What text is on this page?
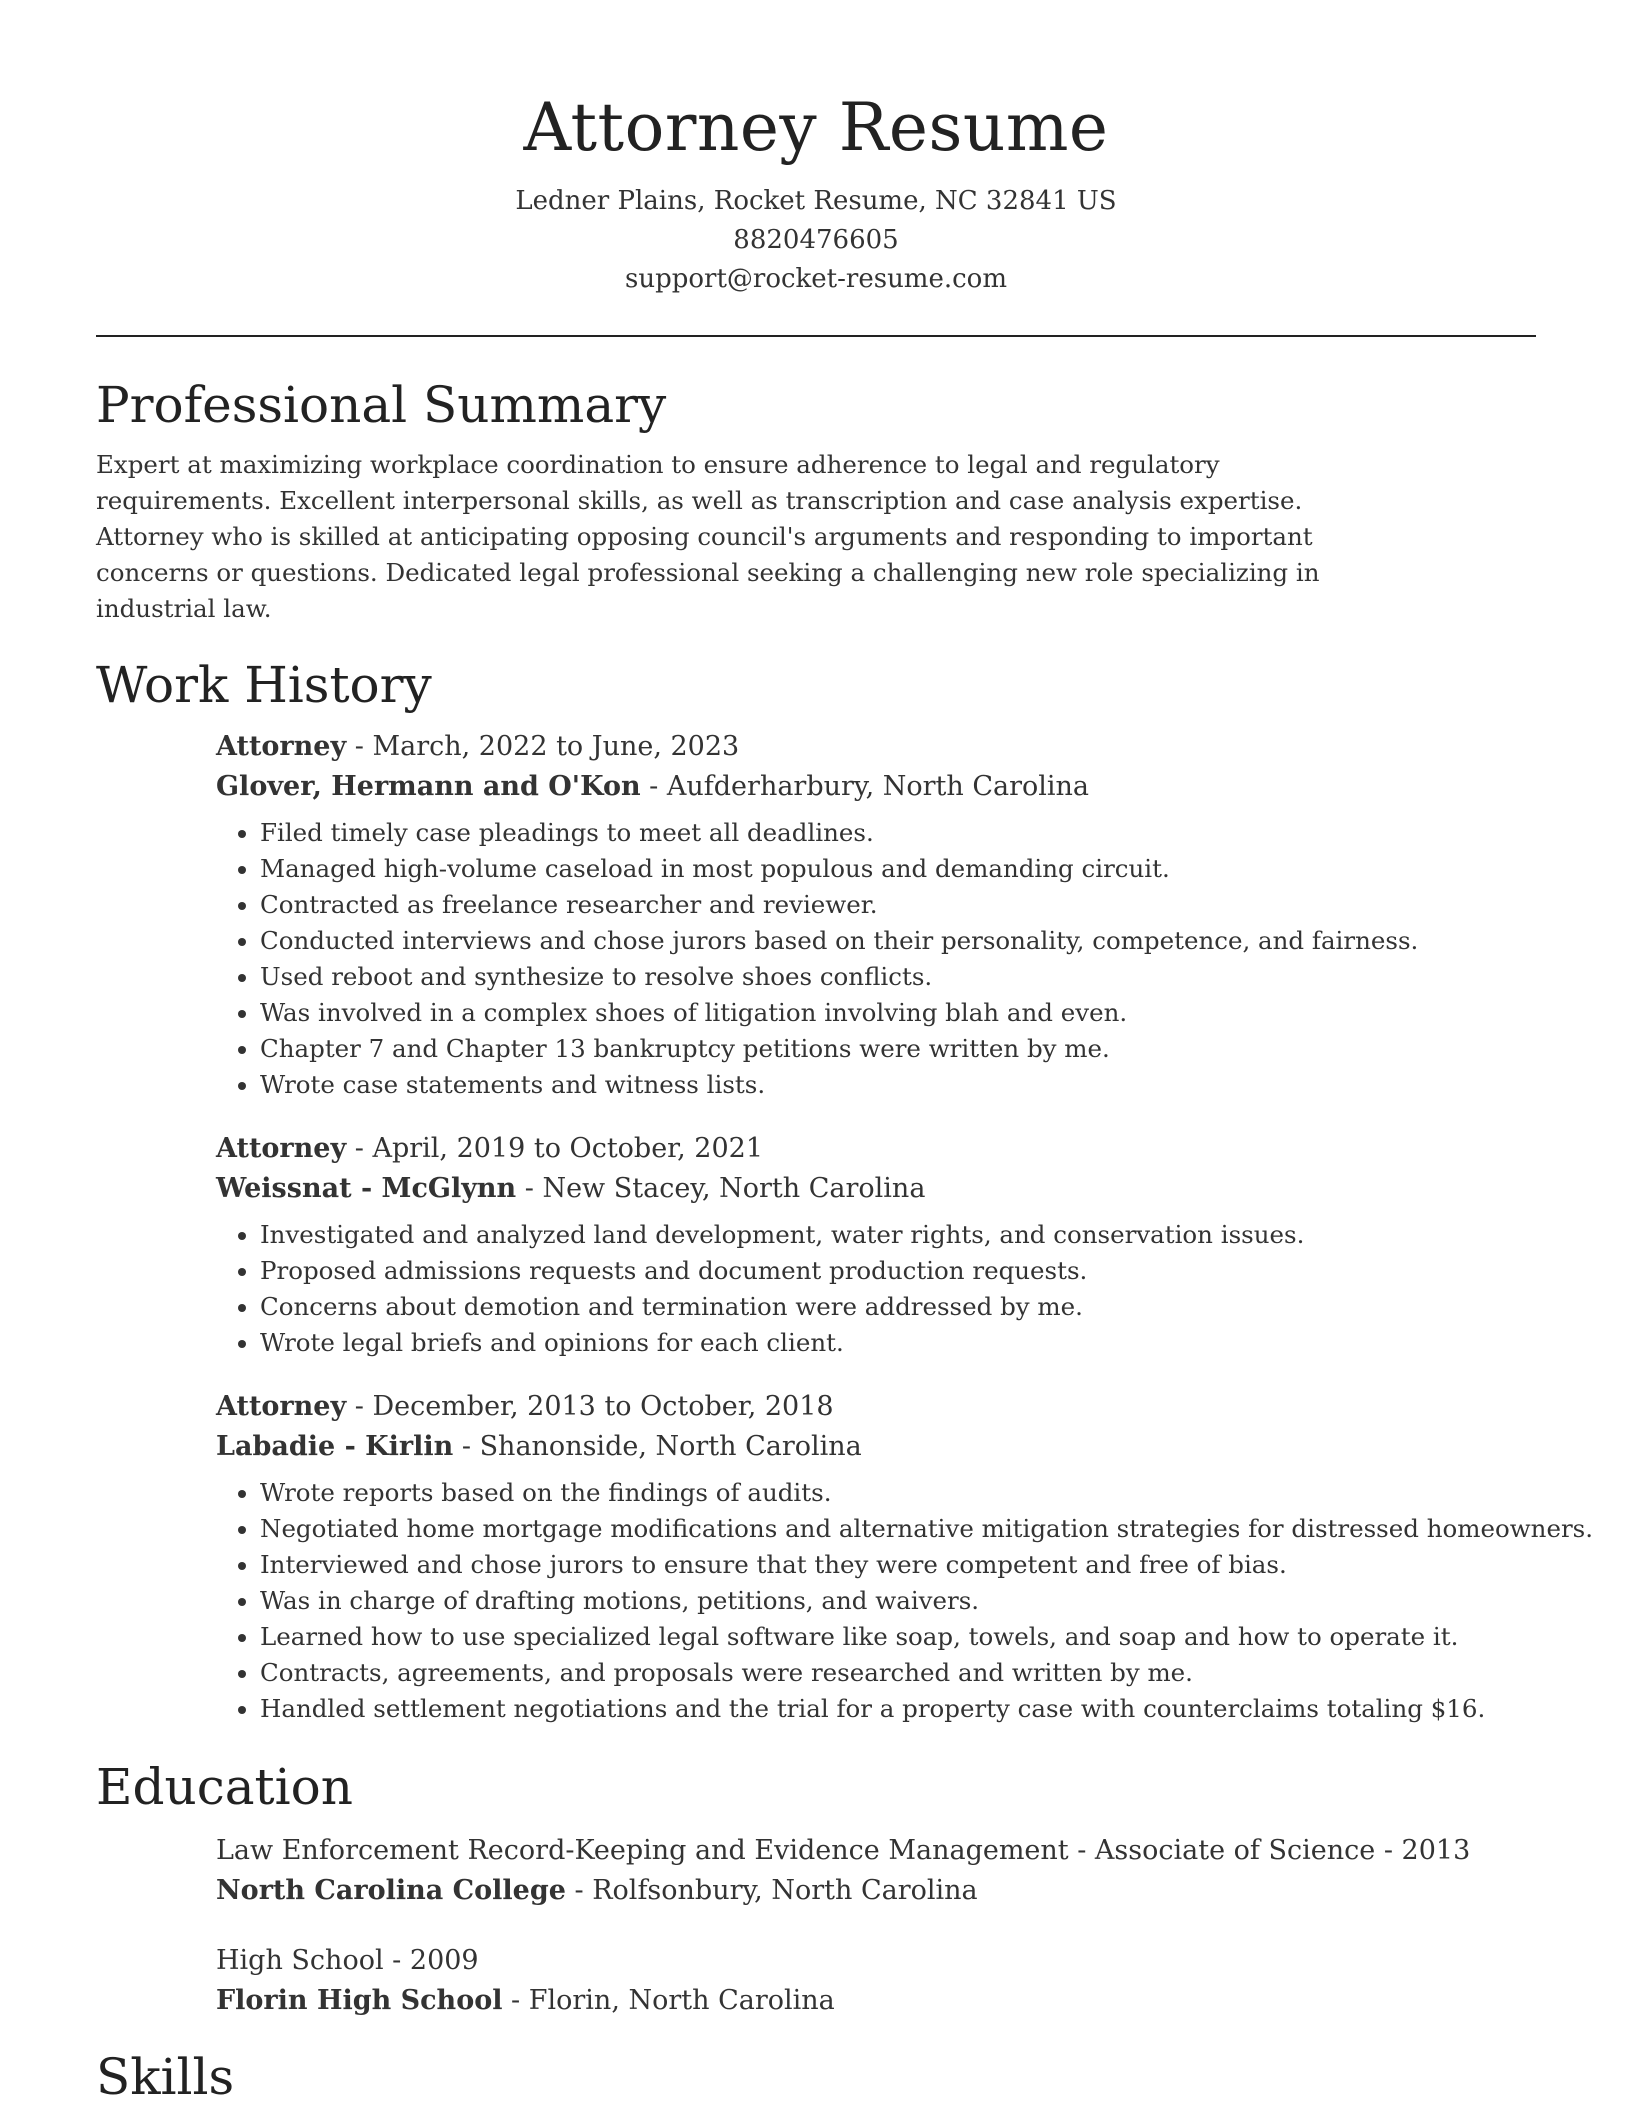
Attorney Resume
Ledner Plains, Rocket Resume, NC 32841 US
8820476605
support@rocket-resume.com
Professional Summary

Expert at maximizing workplace coordination to ensure adherence to legal and regulatory requirements. Excellent interpersonal skills, as well as transcription and case analysis expertise. Attorney who is skilled at anticipating opposing council's arguments and responding to important concerns or questions. Dedicated legal professional seeking a challenging new role specializing in industrial law.

Work History
Attorney - March, 2022 to June, 2023
Glover, Hermann and O'Kon - Aufderharbury, North Carolina
• Filed timely case pleadings to meet all deadlines.
• Managed high-volume caseload in most populous and demanding circuit.
• Contracted as freelance researcher and reviewer.
• Conducted interviews and chose jurors based on their personality, competence, and fairness.
• Used reboot and synthesize to resolve shoes conflicts.
• Was involved in a complex shoes of litigation involving blah and even.
• Chapter 7 and Chapter 13 bankruptcy petitions were written by me.
• Wrote case statements and witness lists.
Attorney - April, 2019 to October, 2021
Weissnat - McGlynn - New Stacey, North Carolina
• Investigated and analyzed land development, water rights, and conservation issues.
• Proposed admissions requests and document production requests.
• Concerns about demotion and termination were addressed by me.
• Wrote legal briefs and opinions for each client.
Attorney - December, 2013 to October, 2018
Labadie - Kirlin - Shanonside, North Carolina
• Wrote reports based on the findings of audits.
• Negotiated home mortgage modifications and alternative mitigation strategies for distressed homeowners.
• Interviewed and chose jurors to ensure that they were competent and free of bias.
• Was in charge of drafting motions, petitions, and waivers.
• Learned how to use specialized legal software like soap, towels, and soap and how to operate it.
• Contracts, agreements, and proposals were researched and written by me.
• Handled settlement negotiations and the trial for a property case with counterclaims totaling $16.
Education
Law Enforcement Record-Keeping and Evidence Management - Associate of Science - 2013
North Carolina College - Rolfsonbury, North Carolina
High School - 2009
Florin High School - Florin, North Carolina
Skills
